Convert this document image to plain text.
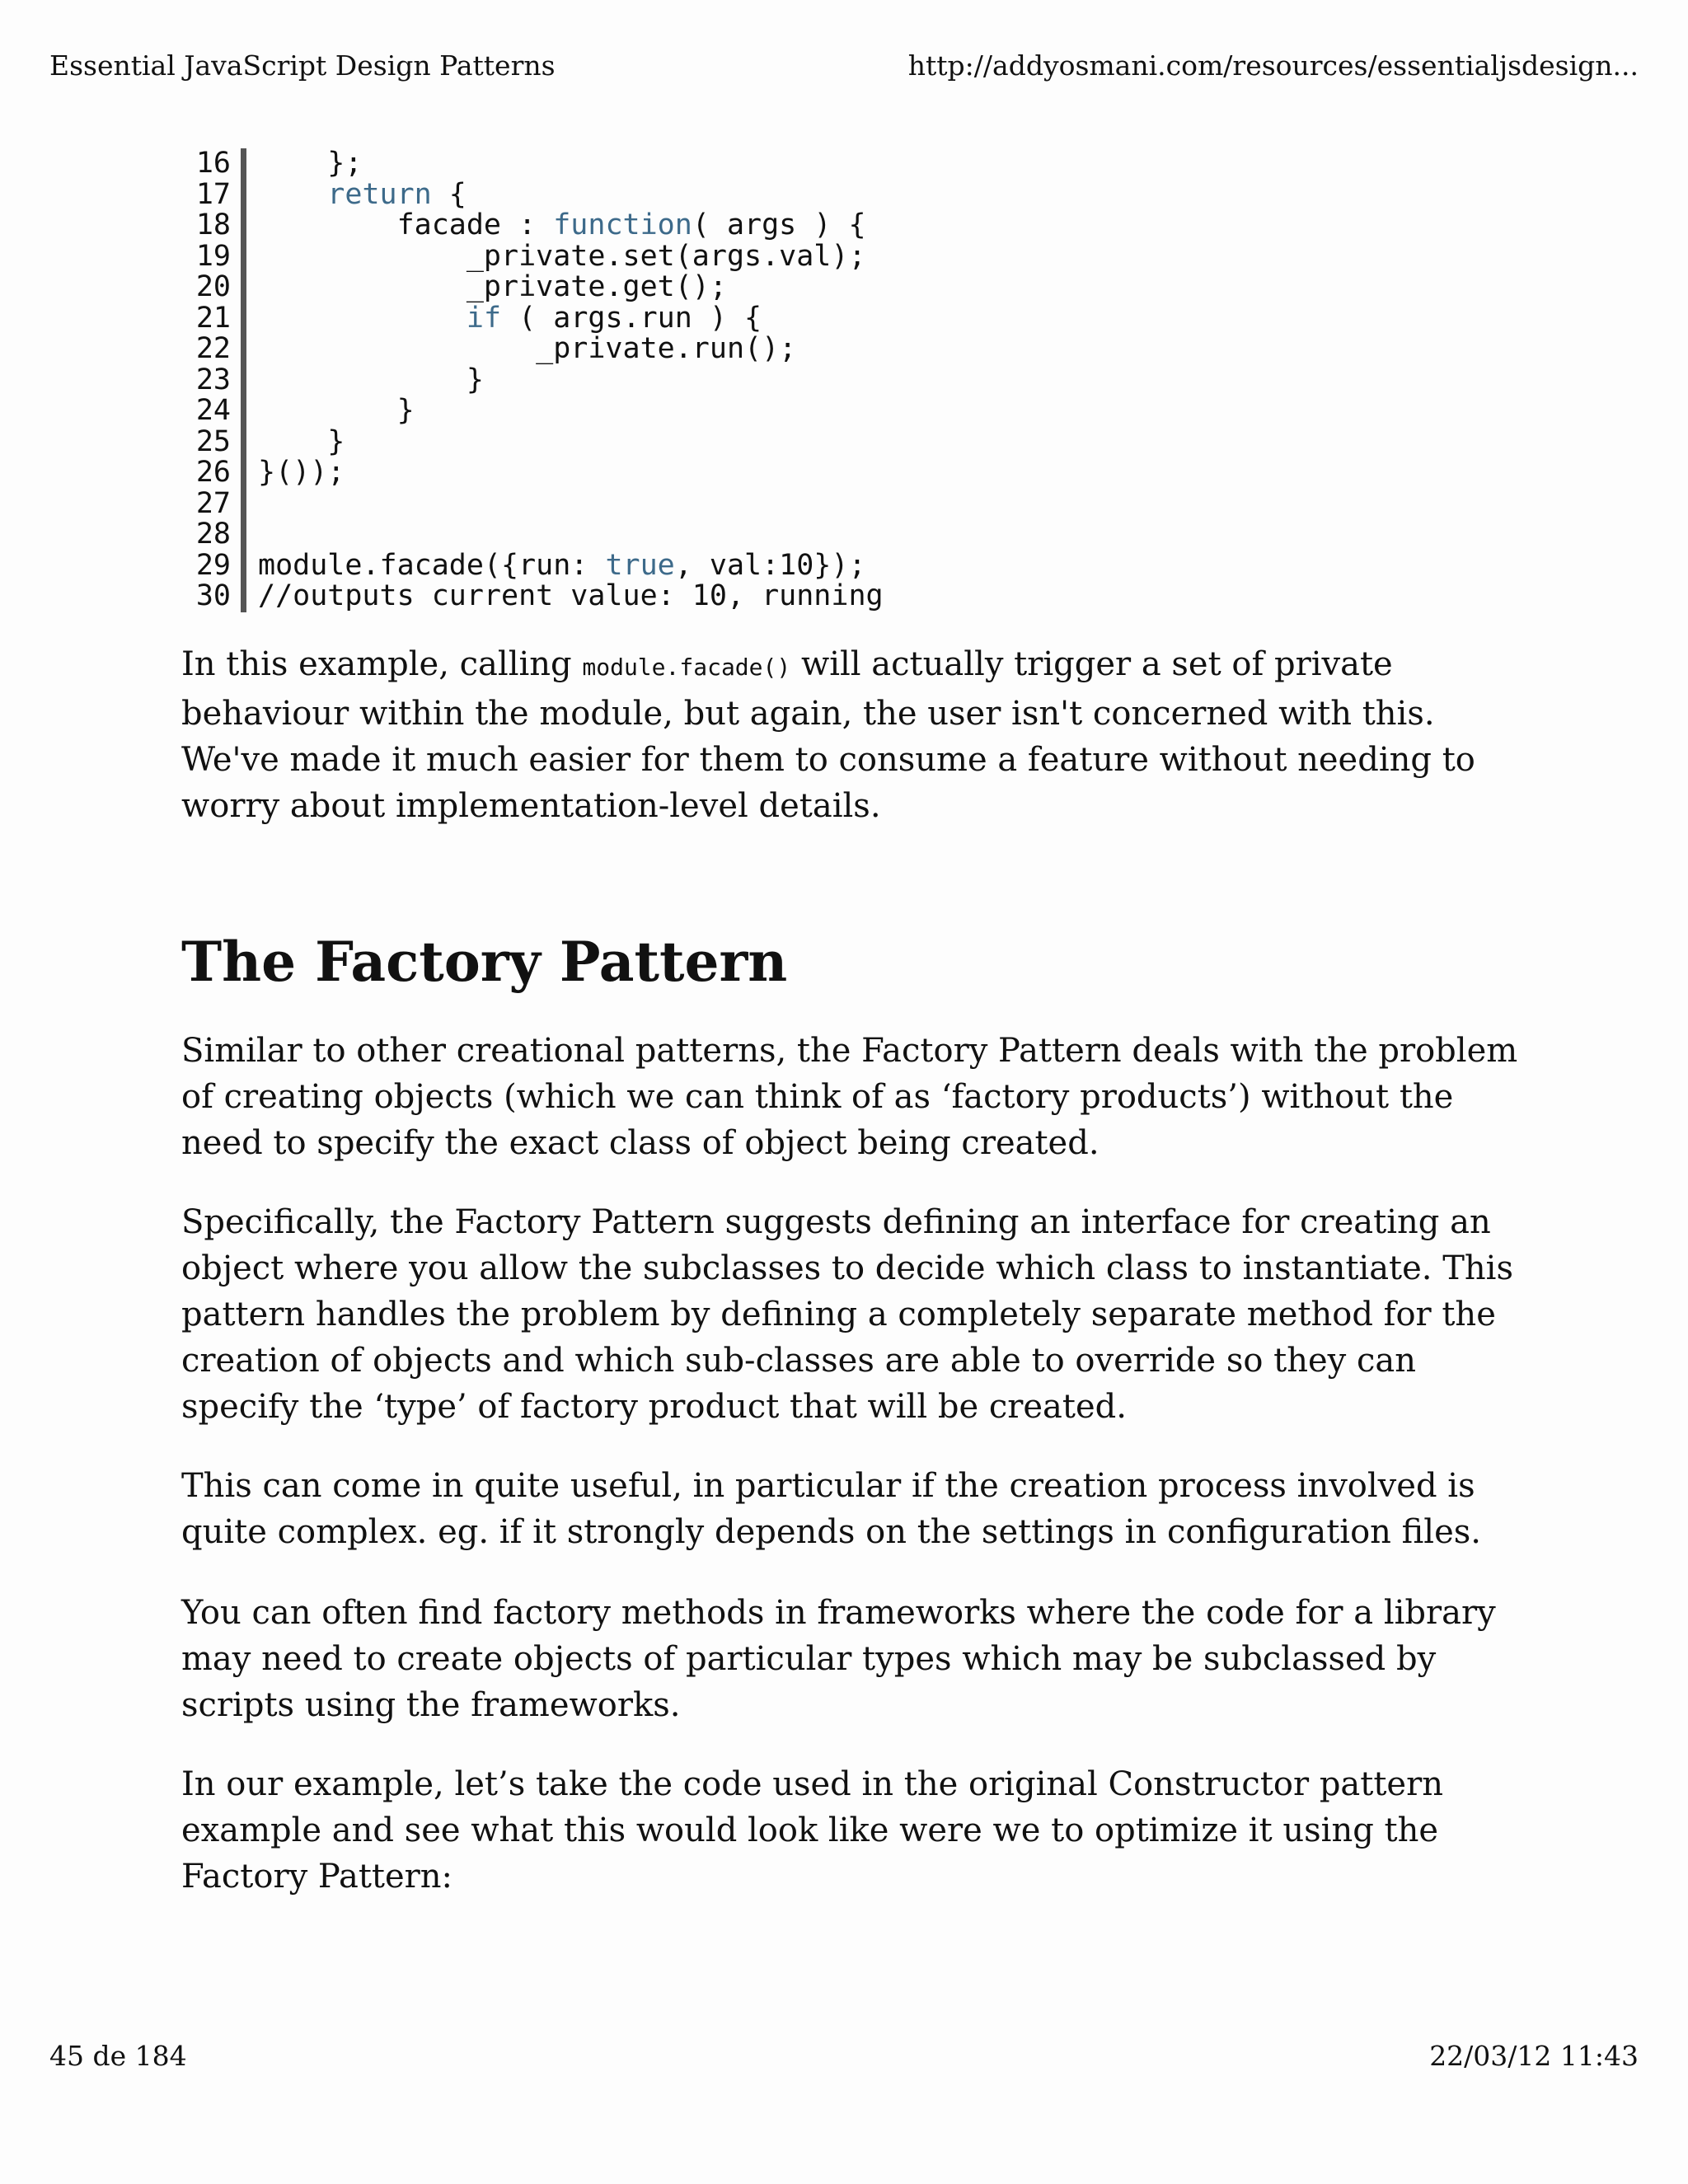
Essential JavaScript Design Patterns	http://addyosmani.com/resources/essentialjsdesign...
16 };
17	return {
18 facade : function( args ) {
19 _private.set(args.val);
20 _private.get();
21	if ( args.run ) {
22 _private.run();
23 }
24 }
25 }
26 }());
27
28
29 module.facade({run: true, val:10});
30 //outputs current value: 10, running

In this example, calling module.facade() will actually trigger a set of private behaviour within the module, but again, the user isn't concerned with this. We've made it much easier for them to consume a feature without needing to worry about implementation-level details.

The Factory Pattern

Similar to other creational patterns, the Factory Pattern deals with the problem of creating objects (which we can think of as ‘factory products’) without the need to specify the exact class of object being created.

Specifically, the Factory Pattern suggests defining an interface for creating an object where you allow the subclasses to decide which class to instantiate. This pattern handles the problem by defining a completely separate method for the creation of objects and which sub-classes are able to override so they can specify the ‘type’ of factory product that will be created.

This can come in quite useful, in particular if the creation process involved is quite complex. eg. if it strongly depends on the settings in configuration files.

You can often find factory methods in frameworks where the code for a library may need to create objects of particular types which may be subclassed by scripts using the frameworks.

In our example, let’s take the code used in the original Constructor pattern example and see what this would look like were we to optimize it using the Factory Pattern:

45 de 184	22/03/12 11:43
